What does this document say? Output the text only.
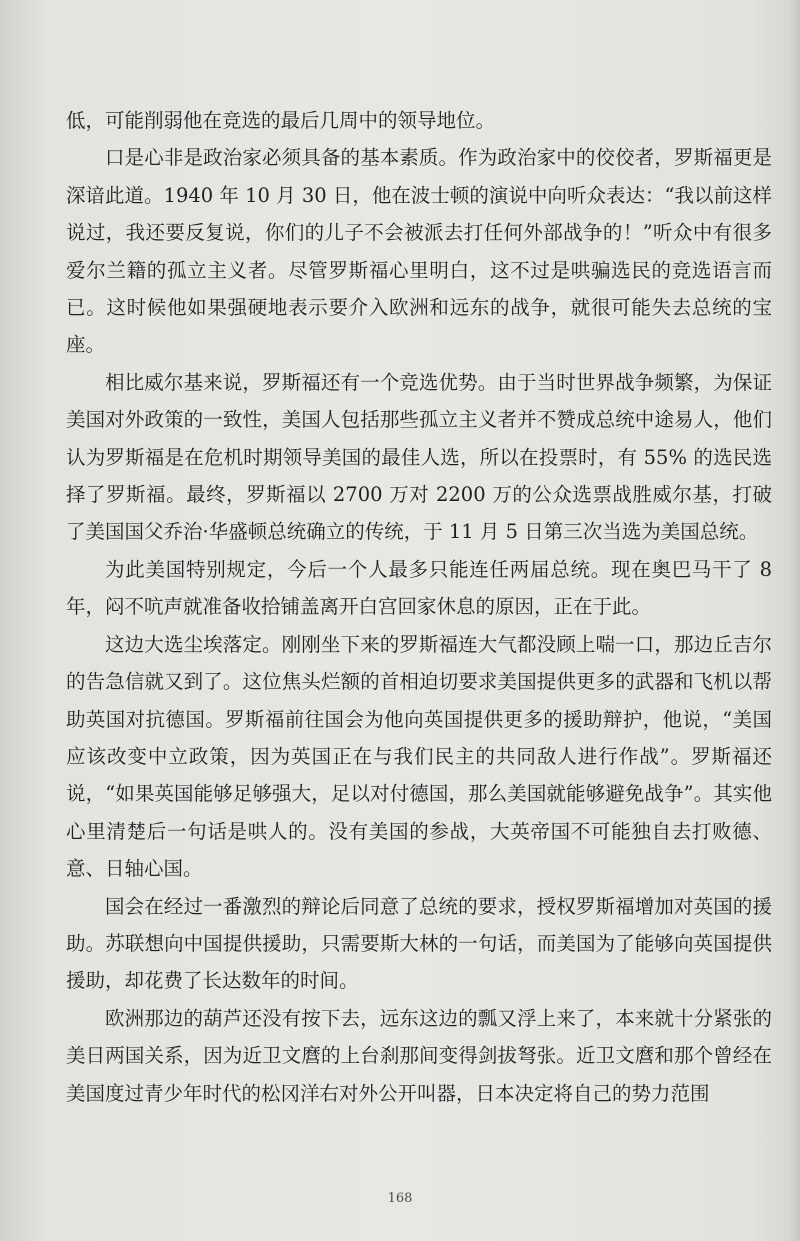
低，可能削弱他在竞选的最后几周中的领导地位。

口是心非是政治家必须具备的基本素质。作为政治家中的佼佼者，罗斯福更是深谙此道。1940 年 10 月 30 日，他在波士顿的演说中向听众表达：“我以前这样说过，我还要反复说，你们的儿子不会被派去打任何外部战争的！”听众中有很多爱尔兰籍的孤立主义者。尽管罗斯福心里明白，这不过是哄骗选民的竞选语言而已。这时候他如果强硬地表示要介入欧洲和远东的战争，就很可能失去总统的宝座。

相比威尔基来说，罗斯福还有一个竞选优势。由于当时世界战争频繁，为保证美国对外政策的一致性，美国人包括那些孤立主义者并不赞成总统中途易人，他们认为罗斯福是在危机时期领导美国的最佳人选，所以在投票时，有 55% 的选民选择了罗斯福。最终，罗斯福以 2700 万对 2200 万的公众选票战胜威尔基，打破了美国国父乔治·华盛顿总统确立的传统，于 11 月 5 日第三次当选为美国总统。

为此美国特别规定，今后一个人最多只能连任两届总统。现在奥巴马干了 8 年，闷不吭声就准备收拾铺盖离开白宫回家休息的原因，正在于此。

这边大选尘埃落定。刚刚坐下来的罗斯福连大气都没顾上喘一口，那边丘吉尔的告急信就又到了。这位焦头烂额的首相迫切要求美国提供更多的武器和飞机以帮助英国对抗德国。罗斯福前往国会为他向英国提供更多的援助辩护，他说，“美国应该改变中立政策，因为英国正在与我们民主的共同敌人进行作战”。罗斯福还说，“如果英国能够足够强大，足以对付德国，那么美国就能够避免战争”。其实他心里清楚后一句话是哄人的。没有美国的参战，大英帝国不可能独自去打败德、意、日轴心国。

国会在经过一番激烈的辩论后同意了总统的要求，授权罗斯福增加对英国的援助。苏联想向中国提供援助，只需要斯大林的一句话，而美国为了能够向英国提供援助，却花费了长达数年的时间。

欧洲那边的葫芦还没有按下去，远东这边的瓢又浮上来了，本来就十分紧张的美日两国关系，因为近卫文麿的上台刹那间变得剑拔弩张。近卫文麿和那个曾经在美国度过青少年时代的松冈洋右对外公开叫器，日本决定将自己的势力范围

168
